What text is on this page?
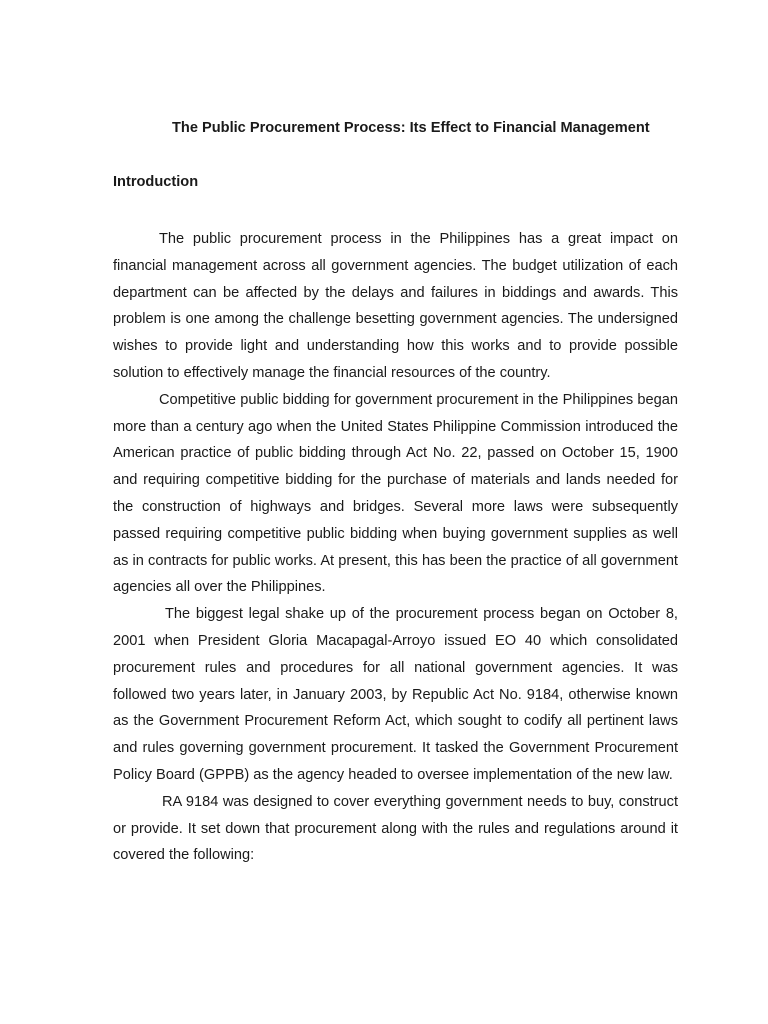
The Public Procurement Process: Its Effect to Financial Management
Introduction

The public procurement process in the Philippines has a great impact on financial management across all government agencies. The budget utilization of each department can be affected by the delays and failures in biddings and awards. This problem is one among the challenge besetting government agencies. The undersigned wishes to provide light and understanding how this works and to provide possible solution to effectively manage the financial resources of the country.

Competitive public bidding for government procurement in the Philippines began more than a century ago when the United States Philippine Commission introduced the American practice of public bidding through Act No. 22, passed on October 15, 1900 and requiring competitive bidding for the purchase of materials and lands needed for the construction of highways and bridges. Several more laws were subsequently passed requiring competitive public bidding when buying government supplies as well as in contracts for public works. At present, this has been the practice of all government agencies all over the Philippines.

The biggest legal shake up of the procurement process began on October 8, 2001 when President Gloria Macapagal-Arroyo issued EO 40 which consolidated procurement rules and procedures for all national government agencies. It was followed two years later, in January 2003, by Republic Act No. 9184, otherwise known as the Government Procurement Reform Act, which sought to codify all pertinent laws and rules governing government procurement. It tasked the Government Procurement Policy Board (GPPB) as the agency headed to oversee implementation of the new law.

RA 9184 was designed to cover everything government needs to buy, construct or provide. It set down that procurement along with the rules and regulations around it covered the following:
